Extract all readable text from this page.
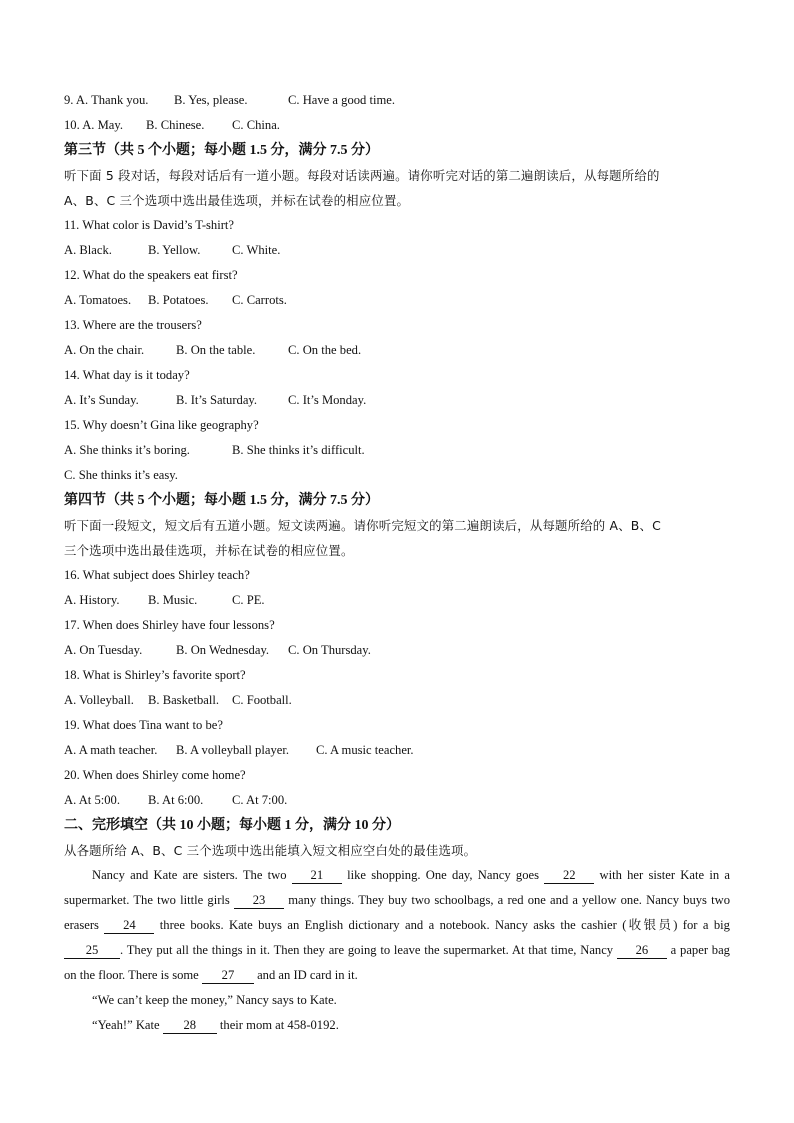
9. A. Thank you. B. Yes, please.	C. Have a good time.
10. A. May. B. Chinese. C. China.
第三节（共 5 个小题；每小题 1.5 分，满分 7.5 分）
听下面 5 段对话，每段对话后有一道小题。每段对话读两遍。请你听完对话的第二遍朗读后，从每题所给的
A、B、C 三个选项中选出最佳选项，并标在试卷的相应位置。
11. What color is David’s T-shirt?
A. Black.	B. Yellow.	C. White.
12. What do the speakers eat first?
A. Tomatoes. B. Potatoes. C. Carrots.
13. Where are the trousers?
A. On the chair.	B. On the table.	C. On the bed.
14. What day is it today?
A. It’s Sunday.	B. It’s Saturday. C. It’s Monday.
15. Why doesn’t Gina like geography?
A. She thinks it’s boring.	B. She thinks it’s difficult.
C. She thinks it’s easy.
第四节（共 5 个小题；每小题 1.5 分，满分 7.5 分）
听下面一段短文，短文后有五道小题。短文读两遍。请你听完短文的第二遍朗读后，从每题所给的 A、B、C
三个选项中选出最佳选项，并标在试卷的相应位置。
16. What subject does Shirley teach?
A. History. B. Music.	C. PE.
17. When does Shirley have four lessons?
A. On Tuesday.	B. On Wednesday. C. On Thursday.
18. What is Shirley’s favorite sport?
A. Volleyball. B. Basketball. C. Football.
19. What does Tina want to be?
A. A math teacher. B. A volleyball player. C. A music teacher.
20. When does Shirley come home?
A. At 5:00. B. At 6:00. C. At 7:00.
二、完形填空（共 10 小题；每小题 1 分，满分 10 分）
从各题所给 A、B、C 三个选项中选出能填入短文相应空白处的最佳选项。

Nancy and Kate are sisters. The two 21 like shopping. One day, Nancy goes 22 with her sister Kate in a supermarket. The two little girls 23 many things. They buy two schoolbags, a red one and a yellow one. Nancy buys two erasers 24 three books. Kate buys an English dictionary and a notebook. Nancy asks the cashier (收银员) for a big 25 . They put all the things in it. Then they are going to leave the supermarket. At that time, Nancy 26 a paper bag on the floor. There is some 27 and an ID card in it.

“We can’t keep the money,” Nancy says to Kate.

“Yeah!” Kate 28 their mom at 458-0192.
